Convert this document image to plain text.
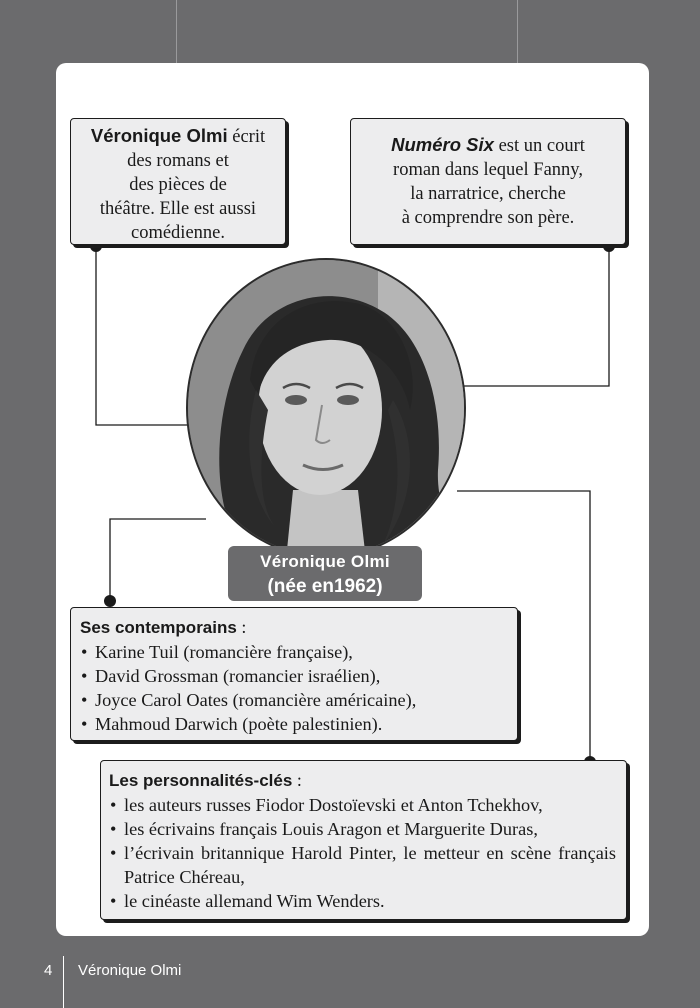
L’essentiel sur l’auteur
Véronique Olmi écrit
des romans et
des pièces de
théâtre. Elle est aussi
comédienne.
Numéro Six est un court
roman dans lequel Fanny,
la narratrice, cherche
à comprendre son père.
Véronique Olmi
(née en1962)
Ses contemporains :
• Karine Tuil (romancière française),
• David Grossman (romancier israélien),
• Joyce Carol Oates (romancière américaine),
• Mahmoud Darwich (poète palestinien).
Les personnalités-clés :
• les auteurs russes Fiodor Dostoïevski et Anton Tchekhov,
• les écrivains français Louis Aragon et Marguerite Duras,
• l’écrivain britannique Harold Pinter, le metteur en scène français Patrice Chéreau,
• le cinéaste allemand Wim Wenders.
4 Véronique Olmi
